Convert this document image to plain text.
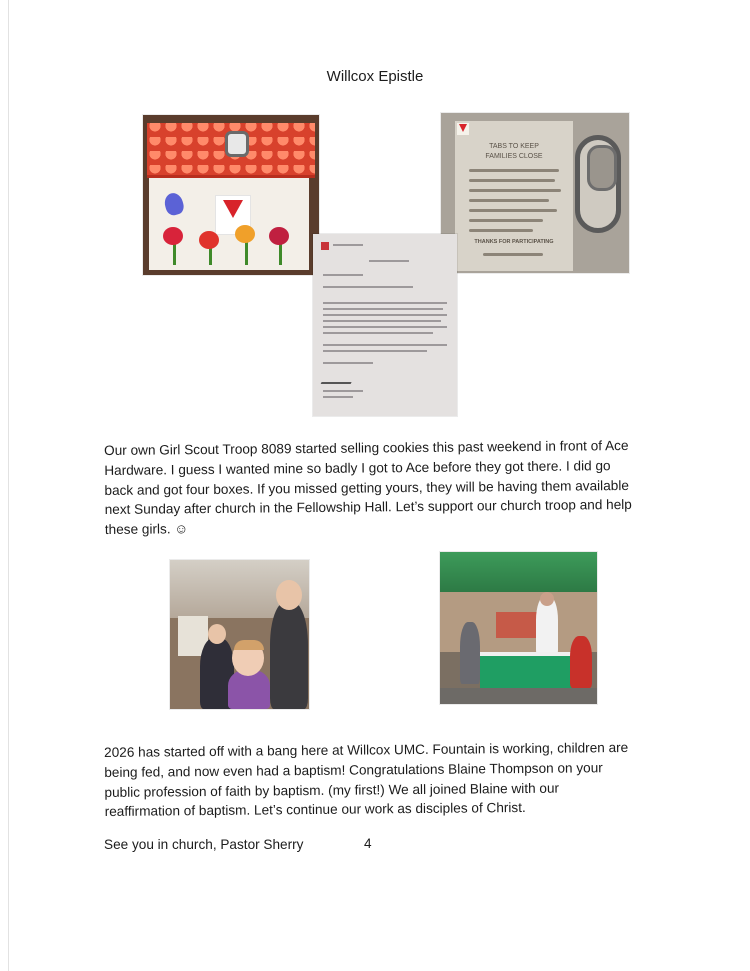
Willcox Epistle
TABS TO KEEP
FAMILIES CLOSE
THANKS FOR PARTICIPATING

Our own Girl Scout Troop 8089 started selling cookies this past weekend in front of Ace

Hardware. I guess I wanted mine so badly I got to Ace before they got there. I did go

back and got four boxes. If you missed getting yours, they will be having them available

next Sunday after church in the Fellowship Hall. Let’s support our church troop and help

these girls. ☺

2026 has started off with a bang here at Willcox UMC. Fountain is working, children are

being fed, and now even had a baptism! Congratulations Blaine Thompson on your

public profession of faith by baptism. (my first!) We all joined Blaine with our

reaffirmation of baptism. Let’s continue our work as disciples of Christ.

See you in church, Pastor Sherry	4
